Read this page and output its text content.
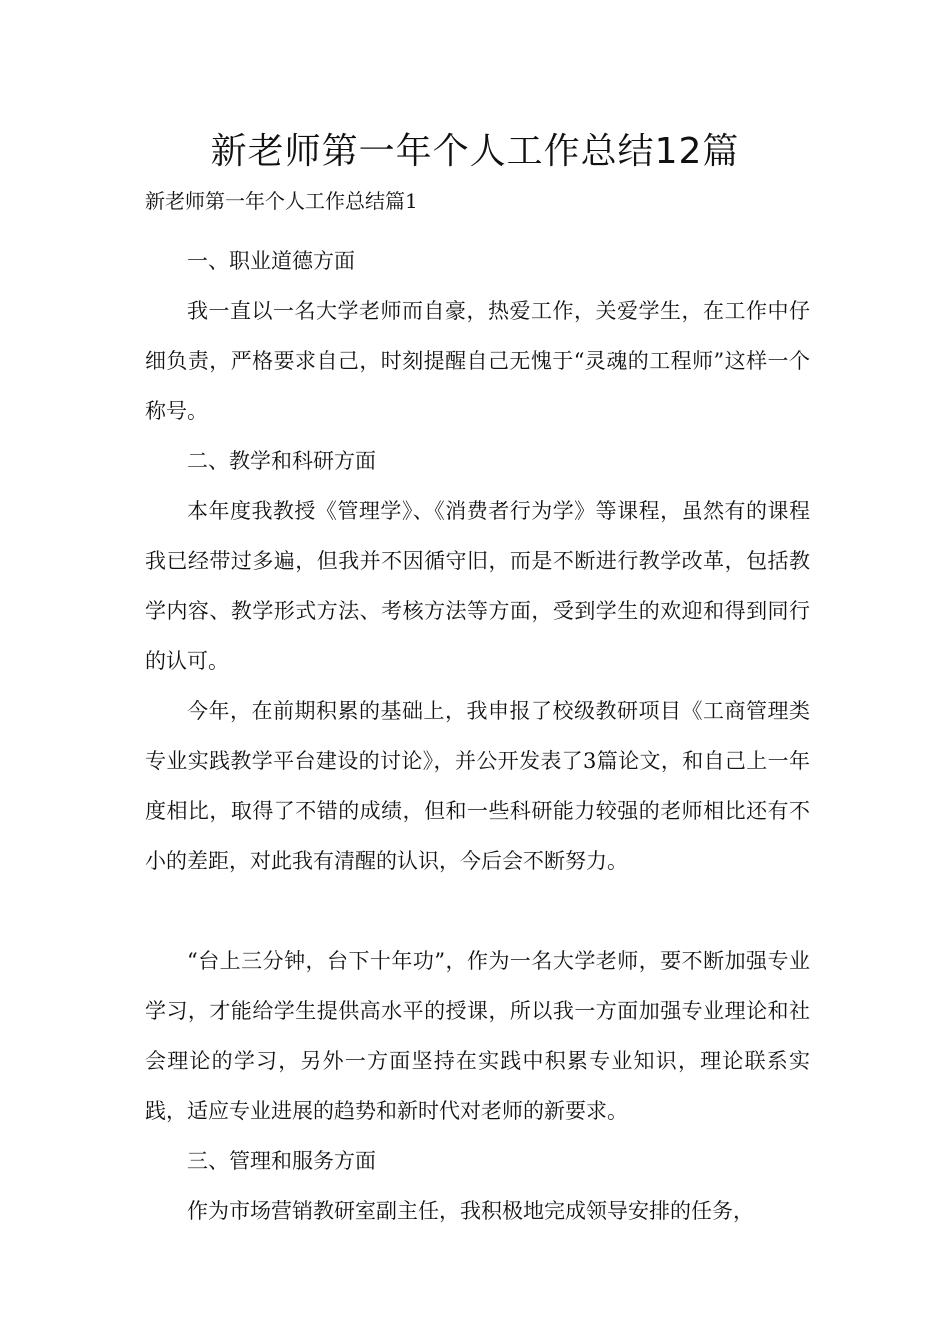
新老师第一年个人工作总结12篇

新老师第一年个人工作总结篇1

一、职业道德方面

我一直以一名大学老师而自豪，热爱工作，关爱学生，在工作中仔细负责，严格要求自己，时刻提醒自己无愧于“灵魂的工程师”这样一个称号。

二、教学和科研方面

本年度我教授《管理学》、《消费者行为学》等课程，虽然有的课程我已经带过多遍，但我并不因循守旧，而是不断进行教学改革，包括教学内容、教学形式方法、考核方法等方面，受到学生的欢迎和得到同行的认可。

今年，在前期积累的基础上，我申报了校级教研项目《工商管理类专业实践教学平台建设的讨论》，并公开发表了3篇论文，和自己上一年度相比，取得了不错的成绩，但和一些科研能力较强的老师相比还有不小的差距，对此我有清醒的认识，今后会不断努力。

“台上三分钟，台下十年功”，作为一名大学老师，要不断加强专业学习，才能给学生提供高水平的授课，所以我一方面加强专业理论和社会理论的学习，另外一方面坚持在实践中积累专业知识，理论联系实践，适应专业进展的趋势和新时代对老师的新要求。

三、管理和服务方面

作为市场营销教研室副主任，我积极地完成领导安排的任务，
